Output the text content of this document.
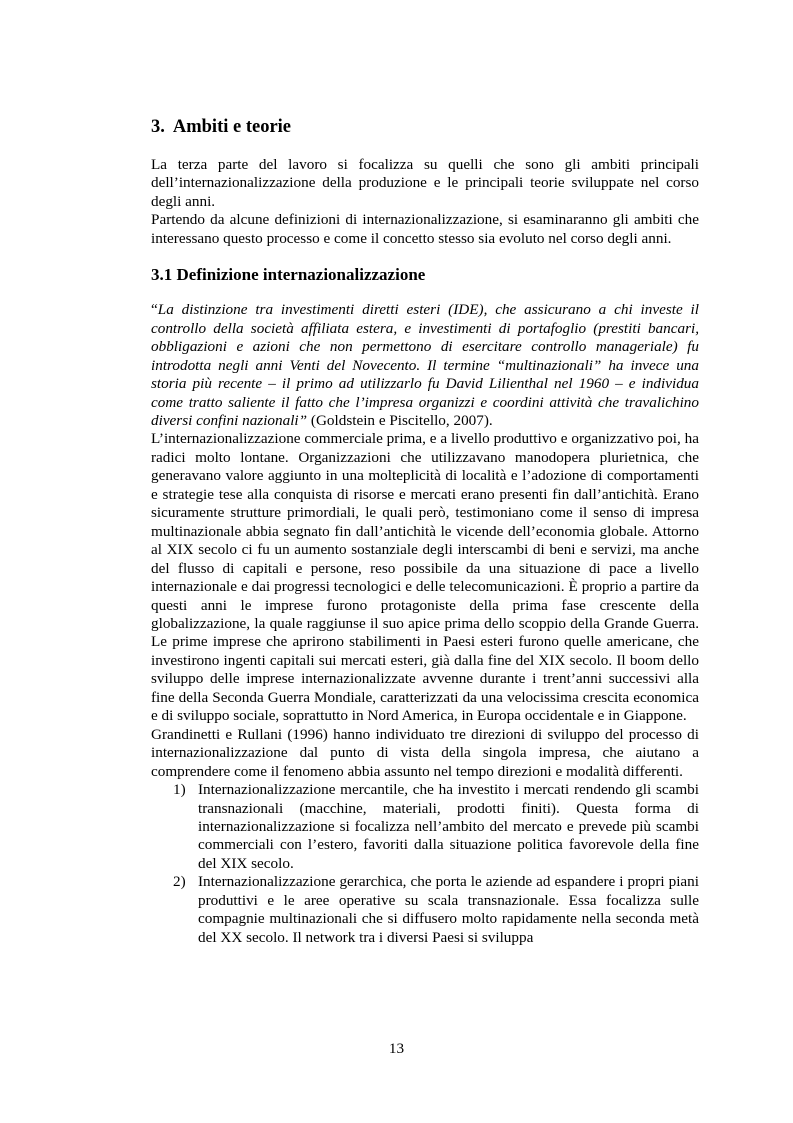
3. Ambiti e teorie

La terza parte del lavoro si focalizza su quelli che sono gli ambiti principali dell’internazionalizzazione della produzione e le principali teorie sviluppate nel corso degli anni.

Partendo da alcune definizioni di internazionalizzazione, si esaminaranno gli ambiti che interessano questo processo e come il concetto stesso sia evoluto nel corso degli anni.

3.1 Definizione internazionalizzazione

“La distinzione tra investimenti diretti esteri (IDE), che assicurano a chi investe il controllo della società affiliata estera, e investimenti di portafoglio (prestiti bancari, obbligazioni e azioni che non permettono di esercitare controllo manageriale) fu introdotta negli anni Venti del Novecento. Il termine “multinazionali” ha invece una storia più recente – il primo ad utilizzarlo fu David Lilienthal nel 1960 – e individua come tratto saliente il fatto che l’impresa organizzi e coordini attività che travalichino diversi confini nazionali” (Goldstein e Piscitello, 2007).

L’internazionalizzazione commerciale prima, e a livello produttivo e organizzativo poi, ha radici molto lontane. Organizzazioni che utilizzavano manodopera plurietnica, che generavano valore aggiunto in una molteplicità di località e l’adozione di comportamenti e strategie tese alla conquista di risorse e mercati erano presenti fin dall’antichità. Erano sicuramente strutture primordiali, le quali però, testimoniano come il senso di impresa multinazionale abbia segnato fin dall’antichità le vicende dell’economia globale. Attorno al XIX secolo ci fu un aumento sostanziale degli interscambi di beni e servizi, ma anche del flusso di capitali e persone, reso possibile da una situazione di pace a livello internazionale e dai progressi tecnologici e delle telecomunicazioni. È proprio a partire da questi anni le imprese furono protagoniste della prima fase crescente della globalizzazione, la quale raggiunse il suo apice prima dello scoppio della Grande Guerra. Le prime imprese che aprirono stabilimenti in Paesi esteri furono quelle americane, che investirono ingenti capitali sui mercati esteri, già dalla fine del XIX secolo. Il boom dello sviluppo delle imprese internazionalizzate avvenne durante i trent’anni successivi alla fine della Seconda Guerra Mondiale, caratterizzati da una velocissima crescita economica e di sviluppo sociale, soprattutto in Nord America, in Europa occidentale e in Giappone.

Grandinetti e Rullani (1996) hanno individuato tre direzioni di sviluppo del processo di internazionalizzazione dal punto di vista della singola impresa, che aiutano a comprendere come il fenomeno abbia assunto nel tempo direzioni e modalità differenti.

1) Internazionalizzazione mercantile, che ha investito i mercati rendendo gli scambi transnazionali (macchine, materiali, prodotti finiti). Questa forma di internazionalizzazione si focalizza nell’ambito del mercato e prevede più scambi commerciali con l’estero, favoriti dalla situazione politica favorevole della fine del XIX secolo.
2) Internazionalizzazione gerarchica, che porta le aziende ad espandere i propri piani produttivi e le aree operative su scala transnazionale. Essa focalizza sulle compagnie multinazionali che si diffusero molto rapidamente nella seconda metà del XX secolo. Il network tra i diversi Paesi si sviluppa
13
